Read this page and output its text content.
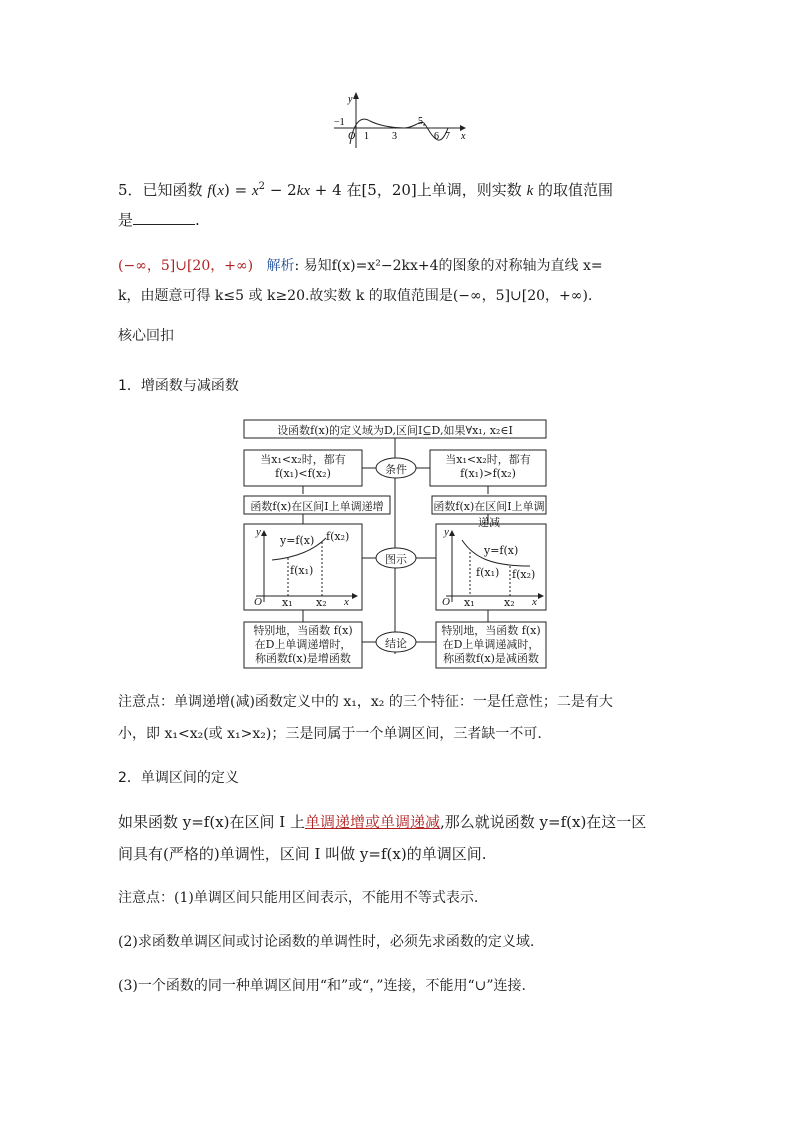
y
x
O
−1
1 3
5
6 7
5．已知函数 $f(x) = x^2 - 2kx + 4$ 在[5，20]上单调，则实数 k 的取值范围
是	.
(−∞，5]∪[20，+∞) 解析: 易知f(x)=x²−2kx+4的图象的对称轴为直线 x=
k，由题意可得 k≤5 或 k≥20.故实数 k 的取值范围是(−∞，5]∪[20，+∞).
核心回扣
1．增函数与减函数
设函数f(x)的定义域为D,区间I⊆D,如果∀x₁, x₂∈I
当x₁<x₂时，都有
f(x₁)<f(x₂)
当x₁<x₂时，都有
f(x₁)>f(x₂)
条件
函数f(x)在区间I上单调递增	函数f(x)在区间I上单调递减
图示
y
y=f(x) f(x₂)
f(x₁)
O x₁ x₂ x
y
y=f(x)
f(x₁) f(x₂)
O x₁	x₂ x
结论
特别地，当函数 f(x)
在D上单调递增时，
称函数f(x)是增函数
特别地，当函数 f(x)
在D上单调递减时，
称函数f(x)是减函数
注意点：单调递增(减)函数定义中的 x₁，x₂ 的三个特征：一是任意性；二是有大
小，即 x₁<x₂(或 x₁>x₂)；三是同属于一个单调区间，三者缺一不可.
2．单调区间的定义
如果函数 y=f(x)在区间 I 上单调递增或单调递减,那么就说函数 y=f(x)在这一区
间具有(严格的)单调性，区间 I 叫做 y=f(x)的单调区间.
注意点：(1)单调区间只能用区间表示，不能用不等式表示.
(2)求函数单调区间或讨论函数的单调性时，必须先求函数的定义域.
(3)一个函数的同一种单调区间用“和”或“，”连接，不能用“∪”连接.
